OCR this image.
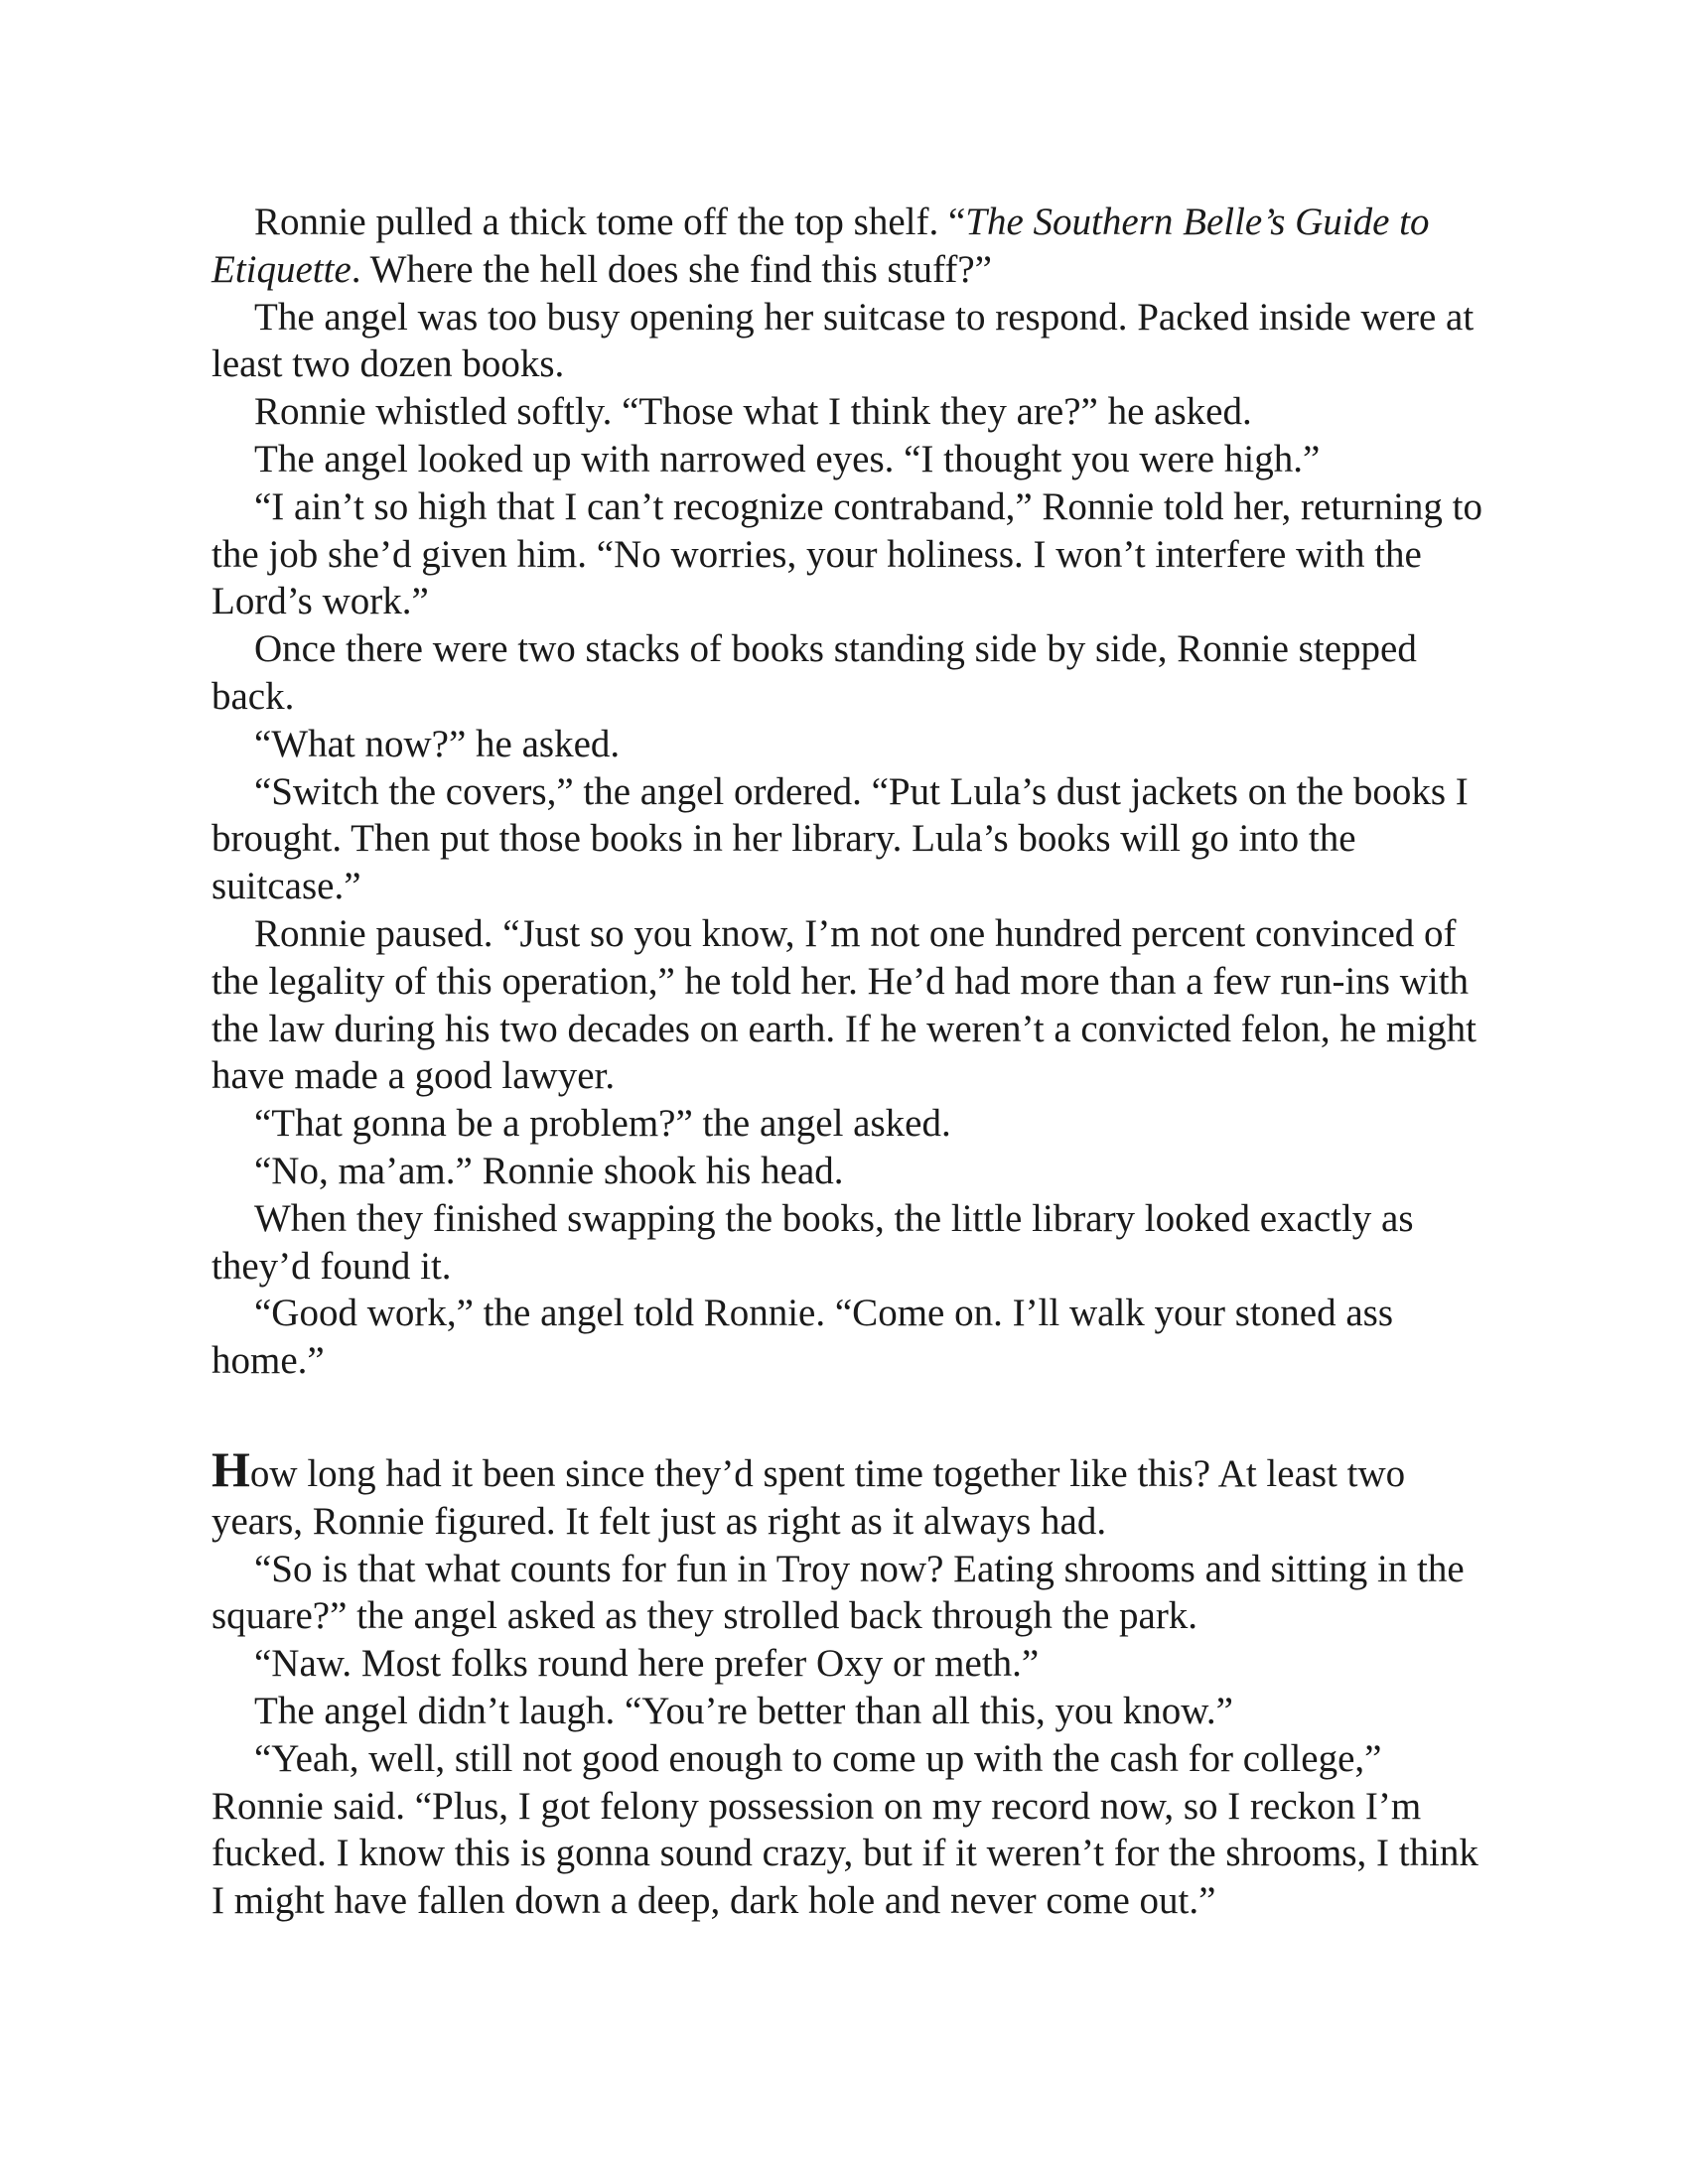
Ronnie pulled a thick tome off the top shelf. “The Southern Belle’s Guide to Etiquette. Where the hell does she find this stuff?”

The angel was too busy opening her suitcase to respond. Packed inside were at least two dozen books.

Ronnie whistled softly. “Those what I think they are?” he asked.

The angel looked up with narrowed eyes. “I thought you were high.”

“I ain’t so high that I can’t recognize contraband,” Ronnie told her, returning to the job she’d given him. “No worries, your holiness. I won’t interfere with the Lord’s work.”

Once there were two stacks of books standing side by side, Ronnie stepped back.

“What now?” he asked.

“Switch the covers,” the angel ordered. “Put Lula’s dust jackets on the books I brought. Then put those books in her library. Lula’s books will go into the suitcase.”

Ronnie paused. “Just so you know, I’m not one hundred percent convinced of the legality of this operation,” he told her. He’d had more than a few run-ins with the law during his two decades on earth. If he weren’t a convicted felon, he might have made a good lawyer.

“That gonna be a problem?” the angel asked.

“No, ma’am.” Ronnie shook his head.

When they finished swapping the books, the little library looked exactly as they’d found it.

“Good work,” the angel told Ronnie. “Come on. I’ll walk your stoned ass home.”

How long had it been since they’d spent time together like this? At least two years, Ronnie figured. It felt just as right as it always had.

“So is that what counts for fun in Troy now? Eating shrooms and sitting in the square?” the angel asked as they strolled back through the park.

“Naw. Most folks round here prefer Oxy or meth.”

The angel didn’t laugh. “You’re better than all this, you know.”

“Yeah, well, still not good enough to come up with the cash for college,” Ronnie said. “Plus, I got felony possession on my record now, so I reckon I’m fucked. I know this is gonna sound crazy, but if it weren’t for the shrooms, I think I might have fallen down a deep, dark hole and never come out.”
